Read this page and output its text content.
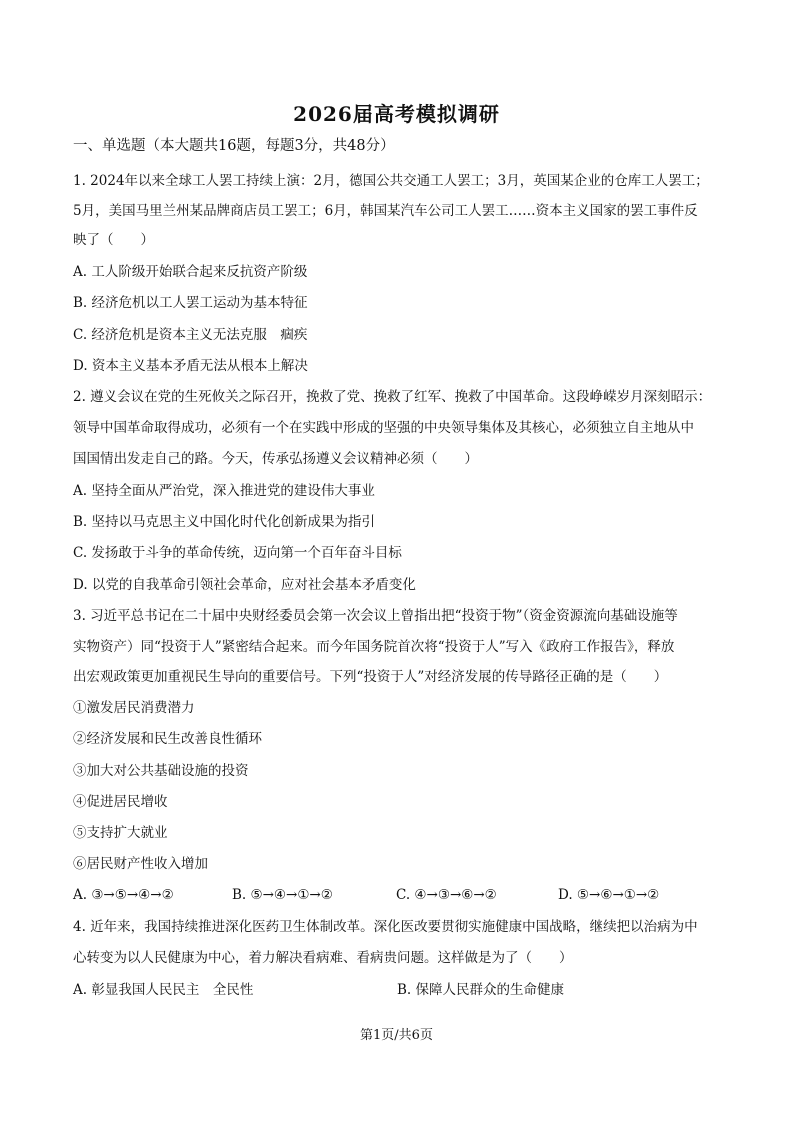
2026届高考模拟调研
一、单选题（本大题共16题，每题3分，共48分）
1. 2024年以来全球工人罢工持续上演：2月，德国公共交通工人罢工；3月，英国某企业的仓库工人罢工；
5月，美国马里兰州某品牌商店员工罢工；6月，韩国某汽车公司工人罢工……资本主义国家的罢工事件反
映了（　　）
A. 工人阶级开始联合起来反抗资产阶级
B. 经济危机以工人罢工运动为基本特征
C. 经济危机是资本主义无法克服　痼疾
D. 资本主义基本矛盾无法从根本上解决
2. 遵义会议在党的生死攸关之际召开，挽救了党、挽救了红军、挽救了中国革命。这段峥嵘岁月深刻昭示：
领导中国革命取得成功，必须有一个在实践中形成的坚强的中央领导集体及其核心，必须独立自主地从中
国国情出发走自己的路。今天，传承弘扬遵义会议精神必须（　　）
A. 坚持全面从严治党，深入推进党的建设伟大事业
B. 坚持以马克思主义中国化时代化创新成果为指引
C. 发扬敢于斗争的革命传统，迈向第一个百年奋斗目标
D. 以党的自我革命引领社会革命，应对社会基本矛盾变化
3. 习近平总书记在二十届中央财经委员会第一次会议上曾指出把“投资于物”（资金资源流向基础设施等
实物资产）同“投资于人”紧密结合起来。而今年国务院首次将“投资于人”写入《政府工作报告》，释放
出宏观政策更加重视民生导向的重要信号。下列“投资于人”对经济发展的传导路径正确的是（　　）
①激发居民消费潜力
②经济发展和民生改善良性循环
③加大对公共基础设施的投资
④促进居民增收
⑤支持扩大就业
⑥居民财产性收入增加
A. ③→⑤→④→②	B. ⑤→④→①→②	C. ④→③→⑥→②	D. ⑤→⑥→①→②
4. 近年来，我国持续推进深化医药卫生体制改革。深化医改要贯彻实施健康中国战略，继续把以治病为中
心转变为以人民健康为中心，着力解决看病难、看病贵问题。这样做是为了（　　）
A. 彰显我国人民民主　全民性	B. 保障人民群众的生命健康
第1页/共6页
